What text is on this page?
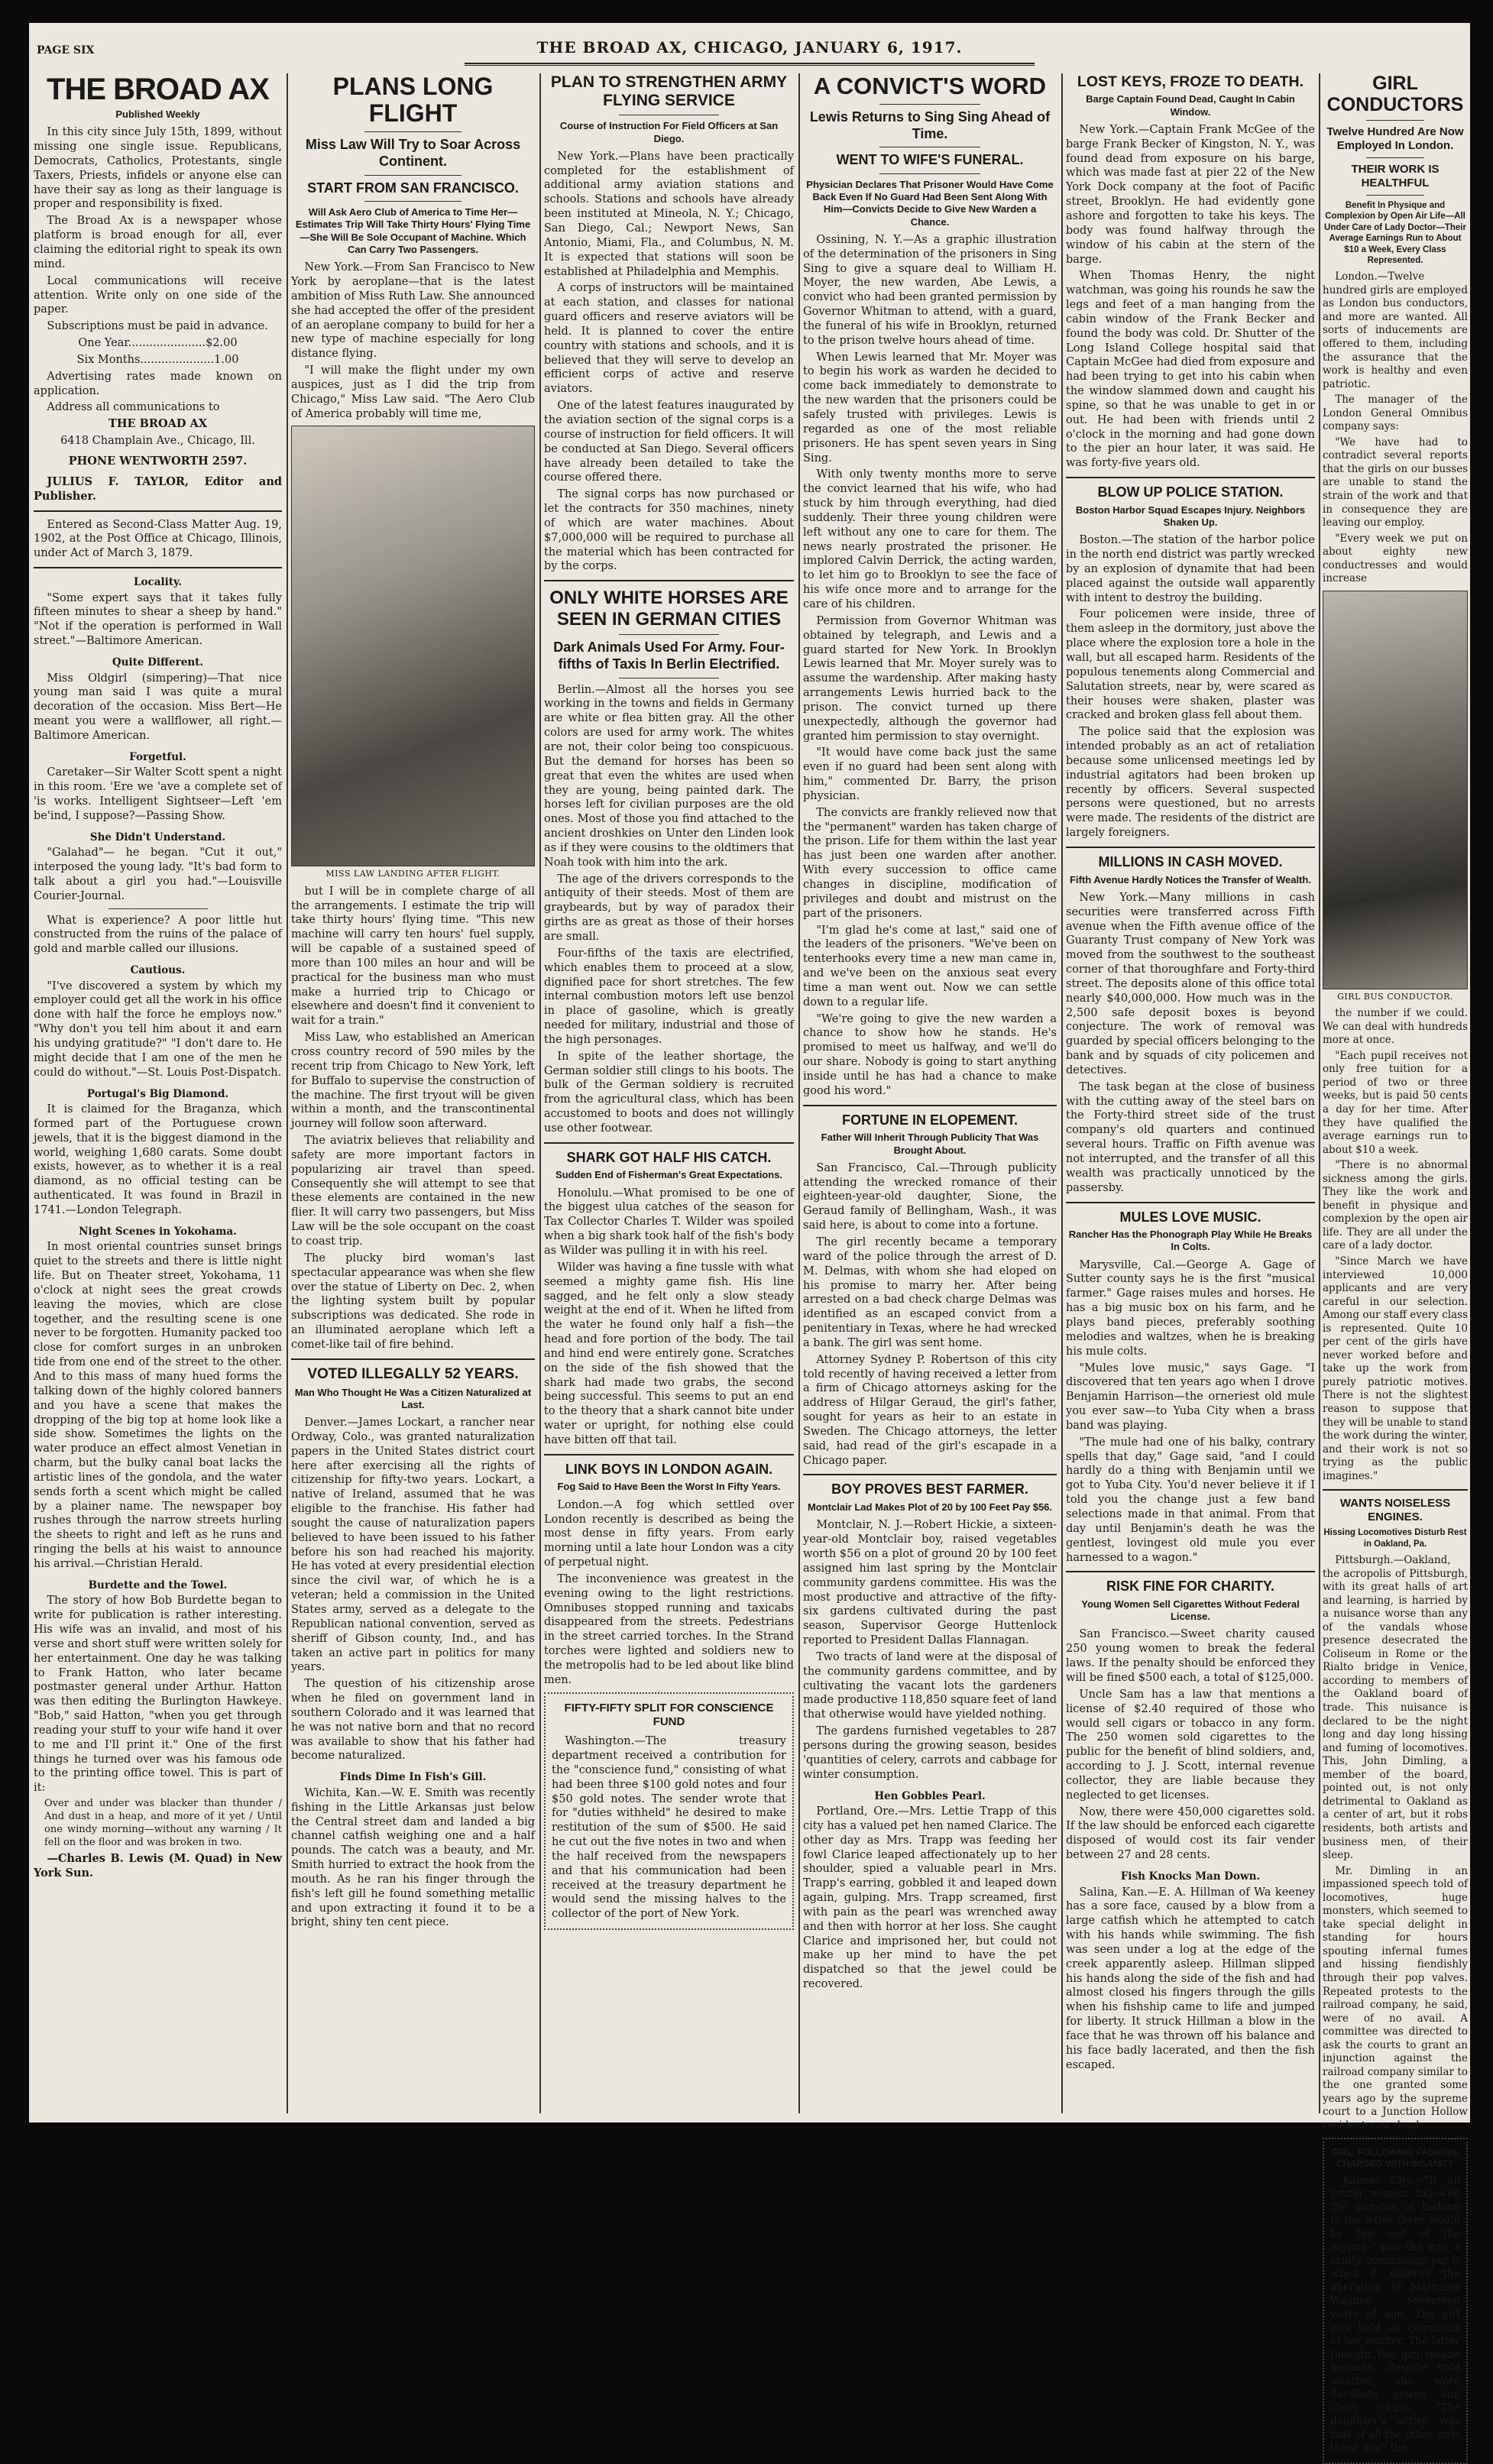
PAGE SIX	THE BROAD AX, CHICAGO, JANUARY 6, 1917.
THE BROAD AX
Published Weekly

In this city since July 15th, 1899, without missing one single issue. Republicans, Democrats, Catholics, Protestants, single Taxers, Priests, infidels or anyone else can have their say as long as their language is proper and responsibility is fixed.

The Broad Ax is a newspaper whose platform is broad enough for all, ever claiming the editorial right to speak its own mind.

Local communications will receive attention. Write only on one side of the paper.

Subscriptions must be paid in advance.

One Year......................$2.00

Six Months.....................1.00

Advertising rates made known on application.

Address all communications to

THE BROAD AX

6418 Champlain Ave., Chicago, Ill.

PHONE WENTWORTH 2597.

JULIUS F. TAYLOR, Editor and Publisher.

Entered as Second-Class Matter Aug. 19, 1902, at the Post Office at Chicago, Illinois, under Act of March 3, 1879.

Locality.

"Some expert says that it takes fully fifteen minutes to shear a sheep by hand." "Not if the operation is performed in Wall street."—Baltimore American.

Quite Different.

Miss Oldgirl (simpering)—That nice young man said I was quite a mural decoration of the occasion. Miss Bert—He meant you were a wallflower, all right.—Baltimore American.

Forgetful.

Caretaker—Sir Walter Scott spent a night in this room. 'Ere we 'ave a complete set of 'is works. Intelligent Sightseer—Left 'em be'ind, I suppose?—Passing Show.

She Didn't Understand.

"Galahad"— he began. "Cut it out," interposed the young lady. "It's bad form to talk about a girl you had."—Louisville Courier-Journal.

What is experience? A poor little hut constructed from the ruins of the palace of gold and marble called our illusions.

Cautious.

"I've discovered a system by which my employer could get all the work in his office done with half the force he employs now." "Why don't you tell him about it and earn his undying gratitude?" "I don't dare to. He might decide that I am one of the men he could do without."—St. Louis Post-Dispatch.

Portugal's Big Diamond.

It is claimed for the Braganza, which formed part of the Portuguese crown jewels, that it is the biggest diamond in the world, weighing 1,680 carats. Some doubt exists, however, as to whether it is a real diamond, as no official testing can be authenticated. It was found in Brazil in 1741.—London Telegraph.

Night Scenes in Yokohama.

In most oriental countries sunset brings quiet to the streets and there is little night life. But on Theater street, Yokohama, 11 o'clock at night sees the great crowds leaving the movies, which are close together, and the resulting scene is one never to be forgotten. Humanity packed too close for comfort surges in an unbroken tide from one end of the street to the other. And to this mass of many hued forms the talking down of the highly colored banners and you have a scene that makes the dropping of the big top at home look like a side show. Sometimes the lights on the water produce an effect almost Venetian in charm, but the bulky canal boat lacks the artistic lines of the gondola, and the water sends forth a scent which might be called by a plainer name. The newspaper boy rushes through the narrow streets hurling the sheets to right and left as he runs and ringing the bells at his waist to announce his arrival.—Christian Herald.

Burdette and the Towel.

The story of how Bob Burdette began to write for publication is rather interesting. His wife was an invalid, and most of his verse and short stuff were written solely for her entertainment. One day he was talking to Frank Hatton, who later became postmaster general under Arthur. Hatton was then editing the Burlington Hawkeye. "Bob," said Hatton, "when you get through reading your stuff to your wife hand it over to me and I'll print it." One of the first things he turned over was his famous ode to the printing office towel. This is part of it:

Over and under was blacker than thunder / And dust in a heap, and more of it yet / Until one windy morning—without any warning / It fell on the floor and was broken in two.

—Charles B. Lewis (M. Quad) in New York Sun.

PLANS LONG FLIGHT
Miss Law Will Try to Soar Across Continent.
START FROM SAN FRANCISCO.
Will Ask Aero Club of America to Time Her—Estimates Trip Will Take Thirty Hours' Flying Time—She Will Be Sole Occupant of Machine. Which Can Carry Two Passengers.

New York.—From San Francisco to New York by aeroplane—that is the latest ambition of Miss Ruth Law. She announced she had accepted the offer of the president of an aeroplane company to build for her a new type of machine especially for long distance flying.

"I will make the flight under my own auspices, just as I did the trip from Chicago," Miss Law said. "The Aero Club of America probably will time me,

MISS LAW LANDING AFTER FLIGHT.

but I will be in complete charge of all the arrangements. I estimate the trip will take thirty hours' flying time. "This new machine will carry ten hours' fuel supply, will be capable of a sustained speed of more than 100 miles an hour and will be practical for the business man who must make a hurried trip to Chicago or elsewhere and doesn't find it convenient to wait for a train."

Miss Law, who established an American cross country record of 590 miles by the recent trip from Chicago to New York, left for Buffalo to supervise the construction of the machine. The first tryout will be given within a month, and the transcontinental journey will follow soon afterward.

The aviatrix believes that reliability and safety are more important factors in popularizing air travel than speed. Consequently she will attempt to see that these elements are contained in the new flier. It will carry two passengers, but Miss Law will be the sole occupant on the coast to coast trip.

The plucky bird woman's last spectacular appearance was when she flew over the statue of Liberty on Dec. 2, when the lighting system built by popular subscriptions was dedicated. She rode in an illuminated aeroplane which left a comet-like tail of fire behind.

VOTED ILLEGALLY 52 YEARS.
Man Who Thought He Was a Citizen Naturalized at Last.

Denver.—James Lockart, a rancher near Ordway, Colo., was granted naturalization papers in the United States district court here after exercising all the rights of citizenship for fifty-two years. Lockart, a native of Ireland, assumed that he was eligible to the franchise. His father had sought the cause of naturalization papers believed to have been issued to his father before his son had reached his majority. He has voted at every presidential election since the civil war, of which he is a veteran; held a commission in the United States army, served as a delegate to the Republican national convention, served as sheriff of Gibson county, Ind., and has taken an active part in politics for many years.

The question of his citizenship arose when he filed on government land in southern Colorado and it was learned that he was not native born and that no record was available to show that his father had become naturalized.

Finds Dime In Fish's Gill.

Wichita, Kan.—W. E. Smith was recently fishing in the Little Arkansas just below the Central street dam and landed a big channel catfish weighing one and a half pounds. The catch was a beauty, and Mr. Smith hurried to extract the hook from the mouth. As he ran his finger through the fish's left gill he found something metallic and upon extracting it found it to be a bright, shiny ten cent piece.

PLAN TO STRENGTHEN ARMY FLYING SERVICE
Course of Instruction For Field Officers at San Diego.

New York.—Plans have been practically completed for the establishment of additional army aviation stations and schools. Stations and schools have already been instituted at Mineola, N. Y.; Chicago, San Diego, Cal.; Newport News, San Antonio, Miami, Fla., and Columbus, N. M. It is expected that stations will soon be established at Philadelphia and Memphis.

A corps of instructors will be maintained at each station, and classes for national guard officers and reserve aviators will be held. It is planned to cover the entire country with stations and schools, and it is believed that they will serve to develop an efficient corps of active and reserve aviators.

One of the latest features inaugurated by the aviation section of the signal corps is a course of instruction for field officers. It will be conducted at San Diego. Several officers have already been detailed to take the course offered there.

The signal corps has now purchased or let the contracts for 350 machines, ninety of which are water machines. About $7,000,000 will be required to purchase all the material which has been contracted for by the corps.

ONLY WHITE HORSES ARE SEEN IN GERMAN CITIES
Dark Animals Used For Army. Four-fifths of Taxis In Berlin Electrified.

Berlin.—Almost all the horses you see working in the towns and fields in Germany are white or flea bitten gray. All the other colors are used for army work. The whites are not, their color being too conspicuous. But the demand for horses has been so great that even the whites are used when they are young, being painted dark. The horses left for civilian purposes are the old ones. Most of those you find attached to the ancient droshkies on Unter den Linden look as if they were cousins to the oldtimers that Noah took with him into the ark.

The age of the drivers corresponds to the antiquity of their steeds. Most of them are graybeards, but by way of paradox their girths are as great as those of their horses are small.

Four-fifths of the taxis are electrified, which enables them to proceed at a slow, dignified pace for short stretches. The few internal combustion motors left use benzol in place of gasoline, which is greatly needed for military, industrial and those of the high personages.

In spite of the leather shortage, the German soldier still clings to his boots. The bulk of the German soldiery is recruited from the agricultural class, which has been accustomed to boots and does not willingly use other footwear.

SHARK GOT HALF HIS CATCH.
Sudden End of Fisherman's Great Expectations.

Honolulu.—What promised to be one of the biggest ulua catches of the season for Tax Collector Charles T. Wilder was spoiled when a big shark took half of the fish's body as Wilder was pulling it in with his reel.

Wilder was having a fine tussle with what seemed a mighty game fish. His line sagged, and he felt only a slow steady weight at the end of it. When he lifted from the water he found only half a fish—the head and fore portion of the body. The tail and hind end were entirely gone. Scratches on the side of the fish showed that the shark had made two grabs, the second being successful. This seems to put an end to the theory that a shark cannot bite under water or upright, for nothing else could have bitten off that tail.

LINK BOYS IN LONDON AGAIN.
Fog Said to Have Been the Worst In Fifty Years.

London.—A fog which settled over London recently is described as being the most dense in fifty years. From early morning until a late hour London was a city of perpetual night.

The inconvenience was greatest in the evening owing to the light restrictions. Omnibuses stopped running and taxicabs disappeared from the streets. Pedestrians in the street carried torches. In the Strand torches were lighted and soldiers new to the metropolis had to be led about like blind men.

FIFTY-FIFTY SPLIT FOR CONSCIENCE FUND

Washington.—The treasury department received a contribution for the "conscience fund," consisting of what had been three $100 gold notes and four $50 gold notes. The sender wrote that for "duties withheld" he desired to make restitution of the sum of $500. He said he cut out the five notes in two and when the half received from the newspapers and that his communication had been received at the treasury department he would send the missing halves to the collector of the port of New York.

A CONVICT'S WORD
Lewis Returns to Sing Sing Ahead of Time.
WENT TO WIFE'S FUNERAL.
Physician Declares That Prisoner Would Have Come Back Even If No Guard Had Been Sent Along With Him—Convicts Decide to Give New Warden a Chance.

Ossining, N. Y.—As a graphic illustration of the determination of the prisoners in Sing Sing to give a square deal to William H. Moyer, the new warden, Abe Lewis, a convict who had been granted permission by Governor Whitman to attend, with a guard, the funeral of his wife in Brooklyn, returned to the prison twelve hours ahead of time.

When Lewis learned that Mr. Moyer was to begin his work as warden he decided to come back immediately to demonstrate to the new warden that the prisoners could be safely trusted with privileges. Lewis is regarded as one of the most reliable prisoners. He has spent seven years in Sing Sing.

With only twenty months more to serve the convict learned that his wife, who had stuck by him through everything, had died suddenly. Their three young children were left without any one to care for them. The news nearly prostrated the prisoner. He implored Calvin Derrick, the acting warden, to let him go to Brooklyn to see the face of his wife once more and to arrange for the care of his children.

Permission from Governor Whitman was obtained by telegraph, and Lewis and a guard started for New York. In Brooklyn Lewis learned that Mr. Moyer surely was to assume the wardenship. After making hasty arrangements Lewis hurried back to the prison. The convict turned up there unexpectedly, although the governor had granted him permission to stay overnight.

"It would have come back just the same even if no guard had been sent along with him," commented Dr. Barry, the prison physician.

The convicts are frankly relieved now that the "permanent" warden has taken charge of the prison. Life for them within the last year has just been one warden after another. With every succession to office came changes in discipline, modification of privileges and doubt and mistrust on the part of the prisoners.

"I'm glad he's come at last," said one of the leaders of the prisoners. "We've been on tenterhooks every time a new man came in, and we've been on the anxious seat every time a man went out. Now we can settle down to a regular life.

"We're going to give the new warden a chance to show how he stands. He's promised to meet us halfway, and we'll do our share. Nobody is going to start anything inside until he has had a chance to make good his word."

FORTUNE IN ELOPEMENT.
Father Will Inherit Through Publicity That Was Brought About.

San Francisco, Cal.—Through publicity attending the wrecked romance of their eighteen-year-old daughter, Sione, the Geraud family of Bellingham, Wash., it was said here, is about to come into a fortune.

The girl recently became a temporary ward of the police through the arrest of D. M. Delmas, with whom she had eloped on his promise to marry her. After being arrested on a bad check charge Delmas was identified as an escaped convict from a penitentiary in Texas, where he had wrecked a bank. The girl was sent home.

Attorney Sydney P. Robertson of this city told recently of having received a letter from a firm of Chicago attorneys asking for the address of Hilgar Geraud, the girl's father, sought for years as heir to an estate in Sweden. The Chicago attorneys, the letter said, had read of the girl's escapade in a Chicago paper.

BOY PROVES BEST FARMER.
Montclair Lad Makes Plot of 20 by 100 Feet Pay $56.

Montclair, N. J.—Robert Hickie, a sixteen-year-old Montclair boy, raised vegetables worth $56 on a plot of ground 20 by 100 feet assigned him last spring by the Montclair community gardens committee. His was the most productive and attractive of the fifty-six gardens cultivated during the past season, Supervisor George Huttenlock reported to President Dallas Flannagan.

Two tracts of land were at the disposal of the community gardens committee, and by cultivating the vacant lots the gardeners made productive 118,850 square feet of land that otherwise would have yielded nothing.

The gardens furnished vegetables to 287 persons during the growing season, besides 'quantities of celery, carrots and cabbage for winter consumption.

Hen Gobbles Pearl.

Portland, Ore.—Mrs. Lettie Trapp of this city has a valued pet hen named Clarice. The other day as Mrs. Trapp was feeding her fowl Clarice leaped affectionately up to her shoulder, spied a valuable pearl in Mrs. Trapp's earring, gobbled it and leaped down again, gulping. Mrs. Trapp screamed, first with pain as the pearl was wrenched away and then with horror at her loss. She caught Clarice and imprisoned her, but could not make up her mind to have the pet dispatched so that the jewel could be recovered.

LOST KEYS, FROZE TO DEATH.
Barge Captain Found Dead, Caught In Cabin Window.

New York.—Captain Frank McGee of the barge Frank Becker of Kingston, N. Y., was found dead from exposure on his barge, which was made fast at pier 22 of the New York Dock company at the foot of Pacific street, Brooklyn. He had evidently gone ashore and forgotten to take his keys. The body was found halfway through the window of his cabin at the stern of the barge.

When Thomas Henry, the night watchman, was going his rounds he saw the legs and feet of a man hanging from the cabin window of the Frank Becker and found the body was cold. Dr. Shutter of the Long Island College hospital said that Captain McGee had died from exposure and had been trying to get into his cabin when the window slammed down and caught his spine, so that he was unable to get in or out. He had been with friends until 2 o'clock in the morning and had gone down to the pier an hour later, it was said. He was forty-five years old.

BLOW UP POLICE STATION.
Boston Harbor Squad Escapes Injury. Neighbors Shaken Up.

Boston.—The station of the harbor police in the north end district was partly wrecked by an explosion of dynamite that had been placed against the outside wall apparently with intent to destroy the building.

Four policemen were inside, three of them asleep in the dormitory, just above the place where the explosion tore a hole in the wall, but all escaped harm. Residents of the populous tenements along Commercial and Salutation streets, near by, were scared as their houses were shaken, plaster was cracked and broken glass fell about them.

The police said that the explosion was intended probably as an act of retaliation because some unlicensed meetings led by industrial agitators had been broken up recently by officers. Several suspected persons were questioned, but no arrests were made. The residents of the district are largely foreigners.

MILLIONS IN CASH MOVED.
Fifth Avenue Hardly Notices the Transfer of Wealth.

New York.—Many millions in cash securities were transferred across Fifth avenue when the Fifth avenue office of the Guaranty Trust company of New York was moved from the southwest to the southeast corner of that thoroughfare and Forty-third street. The deposits alone of this office total nearly $40,000,000. How much was in the 2,500 safe deposit boxes is beyond conjecture. The work of removal was guarded by special officers belonging to the bank and by squads of city policemen and detectives.

The task began at the close of business with the cutting away of the steel bars on the Forty-third street side of the trust company's old quarters and continued several hours. Traffic on Fifth avenue was not interrupted, and the transfer of all this wealth was practically unnoticed by the passersby.

MULES LOVE MUSIC.
Rancher Has the Phonograph Play While He Breaks In Colts.

Marysville, Cal.—George A. Gage of Sutter county says he is the first "musical farmer." Gage raises mules and horses. He has a big music box on his farm, and he plays band pieces, preferably soothing melodies and waltzes, when he is breaking his mule colts.

"Mules love music," says Gage. "I discovered that ten years ago when I drove Benjamin Harrison—the orneriest old mule you ever saw—to Yuba City when a brass band was playing.

"The mule had one of his balky, contrary spells that day," Gage said, "and I could hardly do a thing with Benjamin until we got to Yuba City. You'd never believe it if I told you the change just a few band selections made in that animal. From that day until Benjamin's death he was the gentlest, lovingest old mule you ever harnessed to a wagon."

RISK FINE FOR CHARITY.
Young Women Sell Cigarettes Without Federal License.

San Francisco.—Sweet charity caused 250 young women to break the federal laws. If the penalty should be enforced they will be fined $500 each, a total of $125,000.

Uncle Sam has a law that mentions a license of $2.40 required of those who would sell cigars or tobacco in any form. The 250 women sold cigarettes to the public for the benefit of blind soldiers, and, according to J. J. Scott, internal revenue collector, they are liable because they neglected to get licenses.

Now, there were 450,000 cigarettes sold. If the law should be enforced each cigarette disposed of would cost its fair vender between 27 and 28 cents.

Fish Knocks Man Down.

Salina, Kan.—E. A. Hillman of Wa keeney has a sore face, caused by a blow from a large catfish which he attempted to catch with his hands while swimming. The fish was seen under a log at the edge of the creek apparently asleep. Hillman slipped his hands along the side of the fish and had almost closed his fingers through the gills when his fishship came to life and jumped for liberty. It struck Hillman a blow in the face that he was thrown off his balance and his face badly lacerated, and then the fish escaped.

GIRL CONDUCTORS
Twelve Hundred Are Now Employed In London.
THEIR WORK IS HEALTHFUL
Benefit In Physique and Complexion by Open Air Life—All Under Care of Lady Doctor—Their Average Earnings Run to About $10 a Week, Every Class Represented.

London.—Twelve hundred girls are employed as London bus conductors, and more are wanted. All sorts of inducements are offered to them, including the assurance that the work is healthy and even patriotic.

The manager of the London General Omnibus company says:

"We have had to contradict several reports that the girls on our busses are unable to stand the strain of the work and that in consequence they are leaving our employ.

"Every week we put on about eighty new conductresses and would increase

GIRL BUS CONDUCTOR.

the number if we could. We can deal with hundreds more at once.

"Each pupil receives not only free tuition for a period of two or three weeks, but is paid 50 cents a day for her time. After they have qualified the average earnings run to about $10 a week.

"There is no abnormal sickness among the girls. They like the work and benefit in physique and complexion by the open air life. They are all under the care of a lady doctor.

"Since March we have interviewed 10,000 applicants and are very careful in our selection. Among our staff every class is represented. Quite 10 per cent of the girls have never worked before and take up the work from purely patriotic motives. There is not the slightest reason to suppose that they will be unable to stand the work during the winter, and their work is not so trying as the public imagines."

WANTS NOISELESS ENGINES.
Hissing Locomotives Disturb Rest in Oakland, Pa.

Pittsburgh.—Oakland, the acropolis of Pittsburgh, with its great halls of art and learning, is harried by a nuisance worse than any of the vandals whose presence desecrated the Coliseum in Rome or the Rialto bridge in Venice, according to members of the Oakland board of trade. This nuisance is declared to be the night long and day long hissing and fuming of locomotives. This, John Dimling, a member of the board, pointed out, is not only detrimental to Oakland as a center of art, but it robs residents, both artists and business men, of their sleep.

Mr. Dimling in an impassioned speech told of locomotives, huge monsters, which seemed to take special delight in standing for hours spouting infernal fumes and hissing fiendishly through their pop valves. Repeated protests to the railroad company, he said, were of no avail. A committee was directed to ask the courts to grant an injunction against the railroad company similar to the one granted some years ago by the supreme court to a Junction Hollow resident now dead.

GIRL, FOLLOWING FASHION, CHARGED WITH INSANITY

Kansas City.—"If all young women followed the dictates of fashion to the letter there would be few out of the asylum," was the way a sanity commission put it when it ordered the liberation of Margaret Wagner, seventeen years of age. The girl was held on complaint of her mother. The latter thought the girl insane because, despite cold weather, she wore decollete gowns and short skirts. "The daughter's attire was that of all the other girls these day," the
